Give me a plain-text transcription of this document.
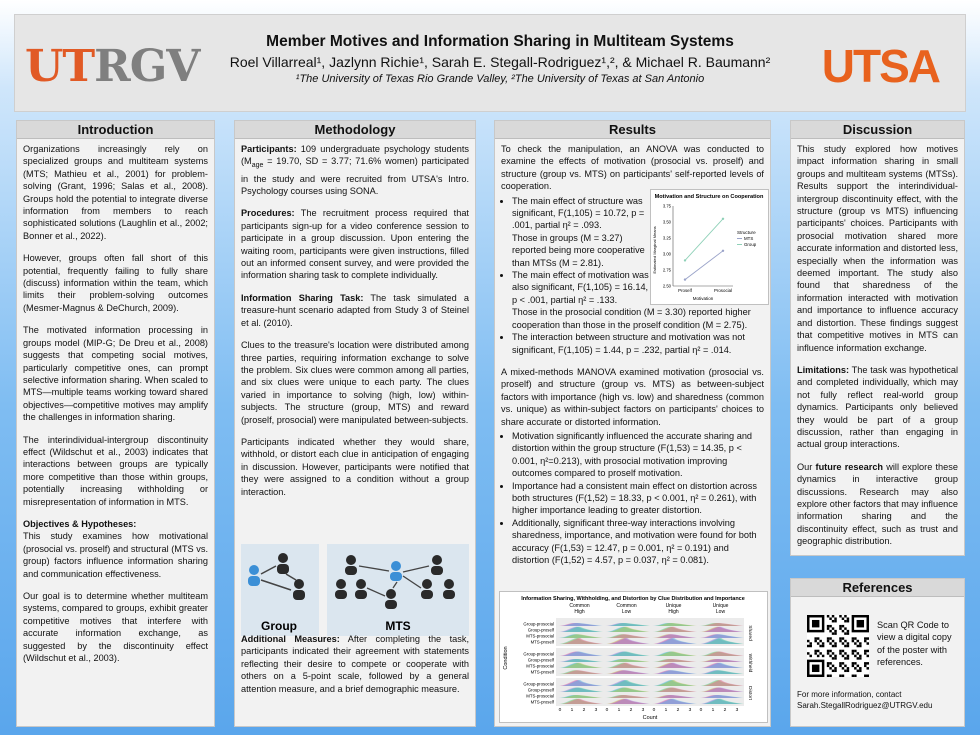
UTRGV	Member Motives and Information Sharing in Multiteam Systems
Roel Villarreal¹, Jazlynn Richie¹, Sarah E. Stegall-Rodriguez¹,², & Michael R. Baumann²
¹The University of Texas Rio Grande Valley, ²The University of Texas at San Antonio	UTSA
Introduction

Organizations increasingly rely on specialized groups and multiteam systems (MTS; Mathieu et al., 2001) for problem-solving (Grant, 1996; Salas et al., 2008). Groups hold the potential to integrate diverse information from members to reach sophisticated solutions (Laughlin et al., 2002; Bonner et al., 2022).

However, groups often fall short of this potential, frequently failing to fully share (discuss) information within the team, which limits their problem-solving outcomes (Mesmer-Magnus & DeChurch, 2009).

The motivated information processing in groups model (MIP-G; De Dreu et al., 2008) suggests that competing social motives, particularly competitive ones, can prompt selective information sharing. When scaled to MTS—multiple teams working toward shared objectives—competitive motives may amplify the challenges in information sharing.

The interindividual-intergroup discontinuity effect (Wildschut et al., 2003) indicates that interactions between groups are typically more competitive than those within groups, potentially increasing withholding or misrepresentation of information in MTS.

Objectives & Hypotheses:

This study examines how motivational (prosocial vs. proself) and structural (MTS vs. group) factors influence information sharing and communication effectiveness.

Our goal is to determine whether multiteam systems, compared to groups, exhibit greater competitive motives that interfere with accurate information exchange, as suggested by the discontinuity effect (Wildschut et al., 2003).

Methodology

Participants: 109 undergraduate psychology students ($M_{age} = 19.70$, SD = 3.77; 71.6% women) participated in the study and were recruited from UTSA's Intro. Psychology courses using SONA.

Procedures: The recruitment process required that participants sign-up for a video conference session to participate in a group discussion. Upon entering the waiting room, participants were given instructions, filled out an informed consent survey, and were provided the information sharing task to complete individually.

Information Sharing Task: The task simulated a treasure-hunt scenario adapted from Study 3 of Steinel et al. (2010).

Clues to the treasure's location were distributed among three parties, requiring information exchange to solve the problem. Six clues were common among all parties, and six clues were unique to each party. The clues varied in importance to solving (high, low) within-subjects. The structure (group, MTS) and reward (proself, prosocial) were manipulated between-subjects.

Participants indicated whether they would share, withhold, or distort each clue in anticipation of engaging in discussion. However, participants were notified that they were assigned to a condition without a group interaction.

Group	MTS

Additional Measures: After completing the task, participants indicated their agreement with statements reflecting their desire to compete or cooperate with others on a 5-point scale, followed by a general attention measure, and a brief demographic measure.

Results

To check the manipulation, an ANOVA was conducted to examine the effects of motivation (prosocial vs. proself) and structure (group vs. MTS) on participants' self-reported levels of cooperation.

• The main effect of structure was significant, F(1,105) = 10.72, p = .001, partial η² = .093.
Those in groups (M = 3.27) reported being more cooperative than MTSs (M = 2.81).
• The main effect of motivation was also significant, F(1,105) = 16.14, p < .001, partial η² = .133.
Those in the prosocial condition (M = 3.30) reported higher cooperation than those in the proself condition (M = 2.75).
• The interaction between structure and motivation was not significant, F(1,105) = 1.44, p = .232, partial η² = .014.

A mixed-methods MANOVA examined motivation (prosocial vs. proself) and structure (group vs. MTS) as between-subject factors with importance (high vs. low) and sharedness (common vs. unique) as within-subject factors on participants' choices to share accurate or distorted information.

• Motivation significantly influenced the accurate sharing and distortion within the group structure (F(1,53) = 14.35, p < 0.001, η²=0.213), with prosocial motivation improving outcomes compared to proself motivation.
• Importance had a consistent main effect on distortion across both structures (F(1,52) = 18.33, p < 0.001, η² = 0.261), with higher importance leading to greater distortion.
• Additionally, significant three-way interactions involving sharedness, importance, and motivation were found for both accuracy (F(1,53) = 12.47, p = 0.001, η² = 0.191) and distortion (F(1,52) = 4.57, p = 0.037, η² = 0.081).
Motivation and Structure on Cooperation
Motivation
Estimated Marginal Means	Structure
2.50
2.75
3.00
3.25
3.50
3.75
Proself	Prosocial
MTS
Group
Information Sharing, Withholding, and Distortion by Clue Distribution and Importance
Count
Condition
Common
High
0 1 2 3
Common
Low
0 1 2 3
Unique
High
0 1 2 3
Unique
Low
0 1 2 3
Shared
Group-prosocial
Group-proself
MTS-prosocial
MTS-proself
Withheld
Group-prosocial
Group-proself
MTS-prosocial
MTS-proself
Distort
Group-prosocial
Group-proself
MTS-prosocial
MTS-proself
Discussion

This study explored how motives impact information sharing in small groups and multiteam systems (MTSs). Results support the interindividual-intergroup discontinuity effect, with the structure (group vs MTS) influencing participants' choices. Participants with prosocial motivation shared more accurate information and distorted less, especially when the information was deemed important. The study also found that sharedness of the information interacted with motivation and importance to influence accuracy and distortion. These findings suggest that competitive motives in MTS can influence information exchange.

Limitations: The task was hypothetical and completed individually, which may not fully reflect real-world group dynamics. Participants only believed they would be part of a group discussion, rather than engaging in actual group interactions.

Our future research will explore these dynamics in interactive group discussions. Research may also explore other factors that may influence information sharing and the discontinuity effect, such as trust and geographic distribution.

References
Scan QR Code to view a digital copy of the poster with references.
For more information, contact
Sarah.StegallRodriguez@UTRGV.edu
